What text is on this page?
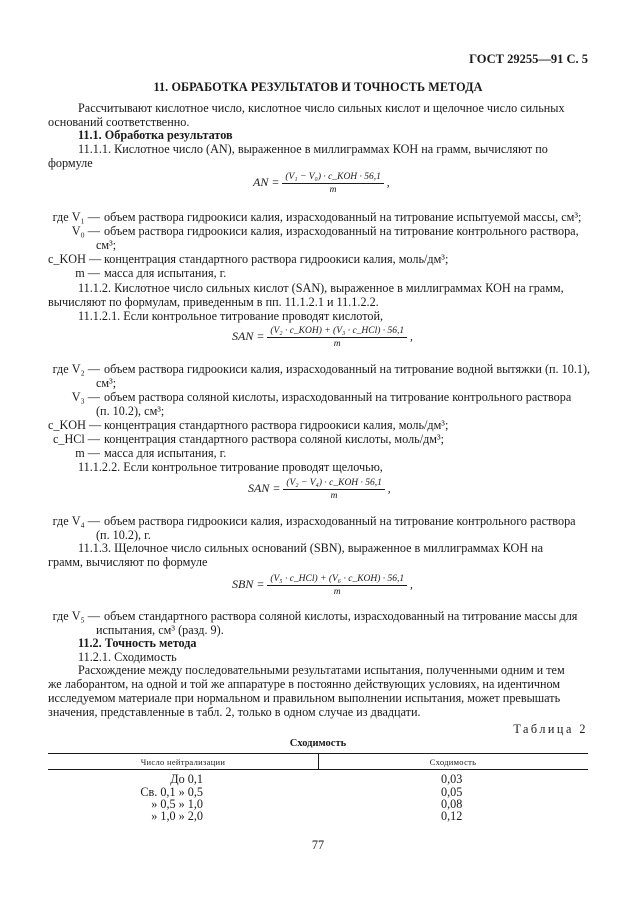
ГОСТ 29255—91 С. 5
11. ОБРАБОТКА РЕЗУЛЬТАТОВ И ТОЧНОСТЬ МЕТОДА
Рассчитывают кислотное число, кислотное число сильных кислот и щелочное число сильных
оснований соответственно.
11.1. Обработка результатов
11.1.1. Кислотное число (AN), выраженное в миллиграммах КОН на грамм, вычисляют по
формуле
AN = $\frac{\text{(V₁ − V₀) · c\_KOH · 56,1}}{m}$ ,
где V₁ — объем раствора гидроокиси калия, израсходованный на титрование испытуемой массы, см³;
V₀ — объем раствора гидроокиси калия, израсходованный на титрование контрольного раствора,
см³;
c_KOH — концентрация стандартного раствора гидроокиси калия, моль/дм³;
m — масса для испытания, г.
11.1.2. Кислотное число сильных кислот (SAN), выраженное в миллиграммах КОН на грамм,
вычисляют по формулам, приведенным в пп. 11.1.2.1 и 11.1.2.2.
11.1.2.1. Если контрольное титрование проводят кислотой,
SAN = $\frac{\text{(V₂ · c\_KOH) + (V₃ · c\_HCl) · 56,1}}{m}$ ,
где V₂ — объем раствора гидроокиси калия, израсходованный на титрование водной вытяжки (п. 10.1),
см³;
V₃ — объем раствора соляной кислоты, израсходованный на титрование контрольного раствора
(п. 10.2), см³;
c_KOH — концентрация стандартного раствора гидроокиси калия, моль/дм³;
c_HCl — концентрация стандартного раствора соляной кислоты, моль/дм³;
m — масса для испытания, г.
11.1.2.2. Если контрольное титрование проводят щелочью,
SAN = $\frac{\text{(V₂ − V₄) · c\_KOH · 56,1}}{m}$ ,
где V₄ — объем раствора гидроокиси калия, израсходованный на титрование контрольного раствора
(п. 10.2), г.
11.1.3. Щелочное число сильных оснований (SBN), выраженное в миллиграммах КОН на
грамм, вычисляют по формуле
SBN = $\frac{\text{(V₅ · c\_HCl) + (V₆ · c\_KOH) · 56,1}}{m}$ ,
где V₅ — объем стандартного раствора соляной кислоты, израсходованный на титрование массы для
испытания, см³ (разд. 9).
11.2. Точность метода
11.2.1. Сходимость
Расхождение между последовательными результатами испытания, полученными одним и тем
же лаборантом, на одной и той же аппаратуре в постоянно действующих условиях, на идентичном
исследуемом материале при нормальном и правильном выполнении испытания, может превышать
значения, представленные в табл. 2, только в одном случае из двадцати.
Таблица 2
Сходимость
Число нейтрализации	Сходимость
До 0,1	0,03
Св. 0,1 » 0,5	0,05
» 0,5 » 1,0	0,08
» 1,0 » 2,0	0,12
77
